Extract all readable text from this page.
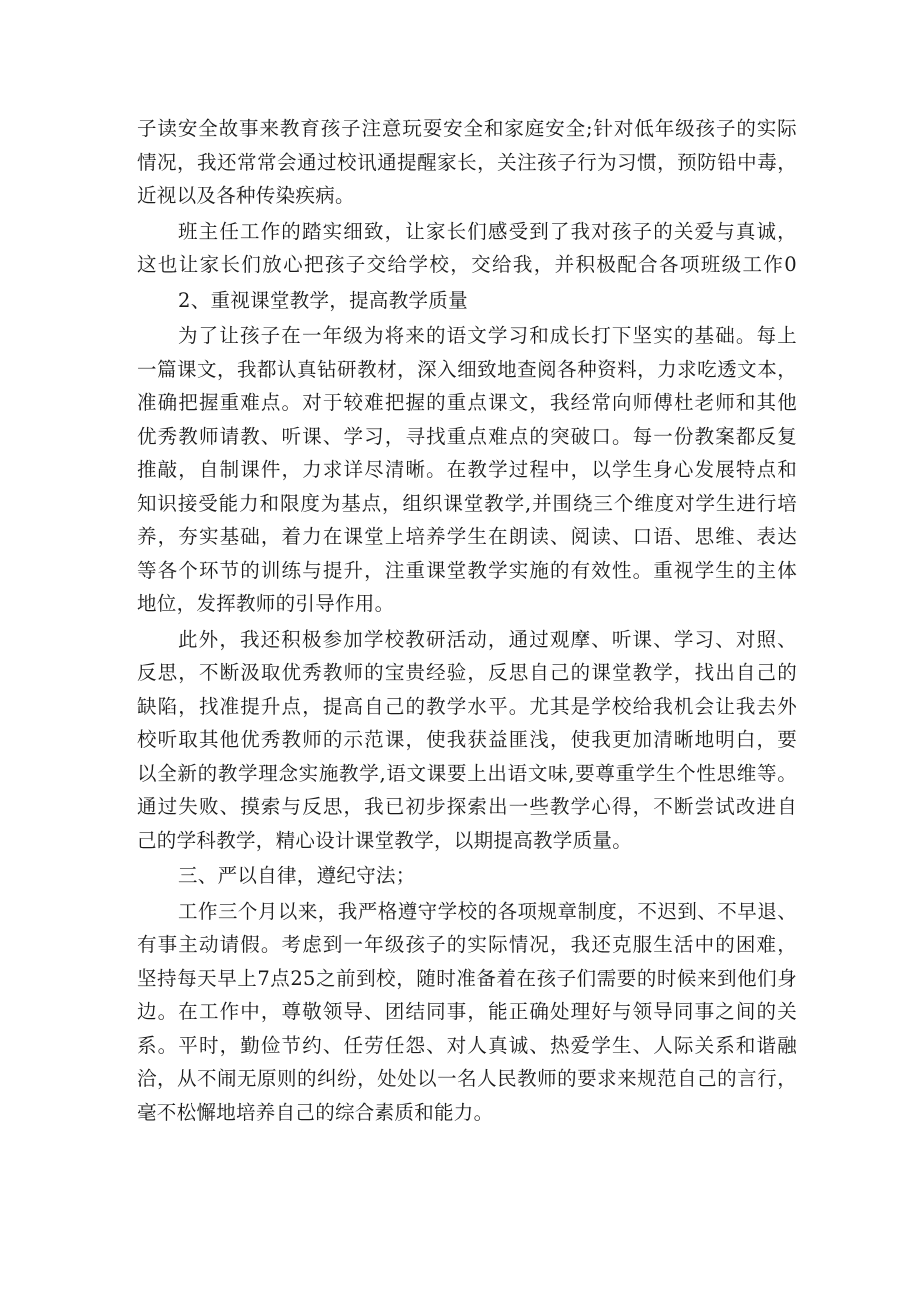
子读安全故事来教育孩子注意玩耍安全和家庭安全;针对低年级孩子的实际
情况，我还常常会通过校讯通提醒家长，关注孩子行为习惯，预防铅中毒，
近视以及各种传染疾病。
班主任工作的踏实细致，让家长们感受到了我对孩子的关爱与真诚，
这也让家长们放心把孩子交给学校，交给我，并积极配合各项班级工作0
2、重视课堂教学，提高教学质量
为了让孩子在一年级为将来的语文学习和成长打下坚实的基础。每上
一篇课文，我都认真钻研教材，深入细致地查阅各种资料，力求吃透文本，
准确把握重难点。对于较难把握的重点课文，我经常向师傅杜老师和其他
优秀教师请教、听课、学习，寻找重点难点的突破口。每一份教案都反复
推敲，自制课件，力求详尽清晰。在教学过程中，以学生身心发展特点和
知识接受能力和限度为基点，组织课堂教学,并围绕三个维度对学生进行培
养，夯实基础，着力在课堂上培养学生在朗读、阅读、口语、思维、表达
等各个环节的训练与提升，注重课堂教学实施的有效性。重视学生的主体
地位，发挥教师的引导作用。
此外，我还积极参加学校教研活动，通过观摩、听课、学习、对照、
反思，不断汲取优秀教师的宝贵经验，反思自己的课堂教学，找出自己的
缺陷，找准提升点，提高自己的教学水平。尤其是学校给我机会让我去外
校听取其他优秀教师的示范课，使我获益匪浅，使我更加清晰地明白，要
以全新的教学理念实施教学,语文课要上出语文味,要尊重学生个性思维等。
通过失败、摸索与反思，我已初步探索出一些教学心得，不断尝试改进自
己的学科教学，精心设计课堂教学，以期提高教学质量。
三、严以自律，遵纪守法；
工作三个月以来，我严格遵守学校的各项规章制度，不迟到、不早退、
有事主动请假。考虑到一年级孩子的实际情况，我还克服生活中的困难，
坚持每天早上7点25之前到校，随时准备着在孩子们需要的时候来到他们身
边。在工作中，尊敬领导、团结同事，能正确处理好与领导同事之间的关
系。平时，勤俭节约、任劳任怨、对人真诚、热爱学生、人际关系和谐融
洽，从不闹无原则的纠纷，处处以一名人民教师的要求来规范自己的言行，
毫不松懈地培养自己的综合素质和能力。
